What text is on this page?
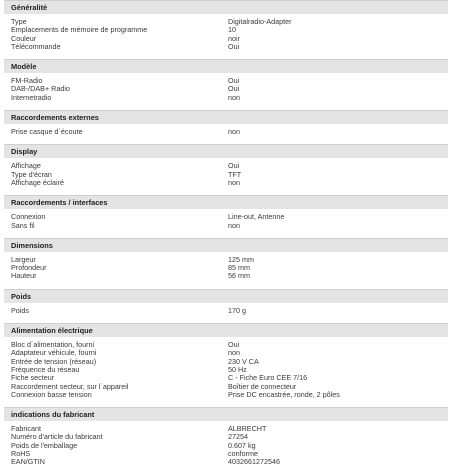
Généralité
Type	Digitalradio-Adapter
Emplacements de mémoire de programme	10
Couleur	noir
Télécommande	Oui
Modèle
FM-Radio	Oui
DAB-/DAB+ Radio	Oui
Internetradio	non
Raccordements externes
Prise casque d´écoute	non
Display
Affichage	Oui
Type d'écran	TFT
Affichage éclairé	non
Raccordements / interfaces
Connexion	Line-out, Antenne
Sans fil	non
Dimensions
Largeur	125 mm
Profondeur	85 mm
Hauteur	56 mm
Poids
Poids	170 g
Alimentation électrique
Bloc d´alimentation, fourni	Oui
Adaptateur véhicule, fourni	non
Entrée de tension (réseau)	230 V CA
Fréquence du réseau	50 Hz
Fiche secteur	C - Fiche Euro CEE 7/16
Raccordement secteur, sur l´appareil	Boîtier de connecteur
Connexion basse tension	Prise DC encastrée, ronde, 2 pôles
indications du fabricant
Fabricant	ALBRECHT
Numéro d'article du fabricant	27254
Poids de l'emballage	0.607 kg
RoHS	conforme
EAN/GTIN	4032661272546
